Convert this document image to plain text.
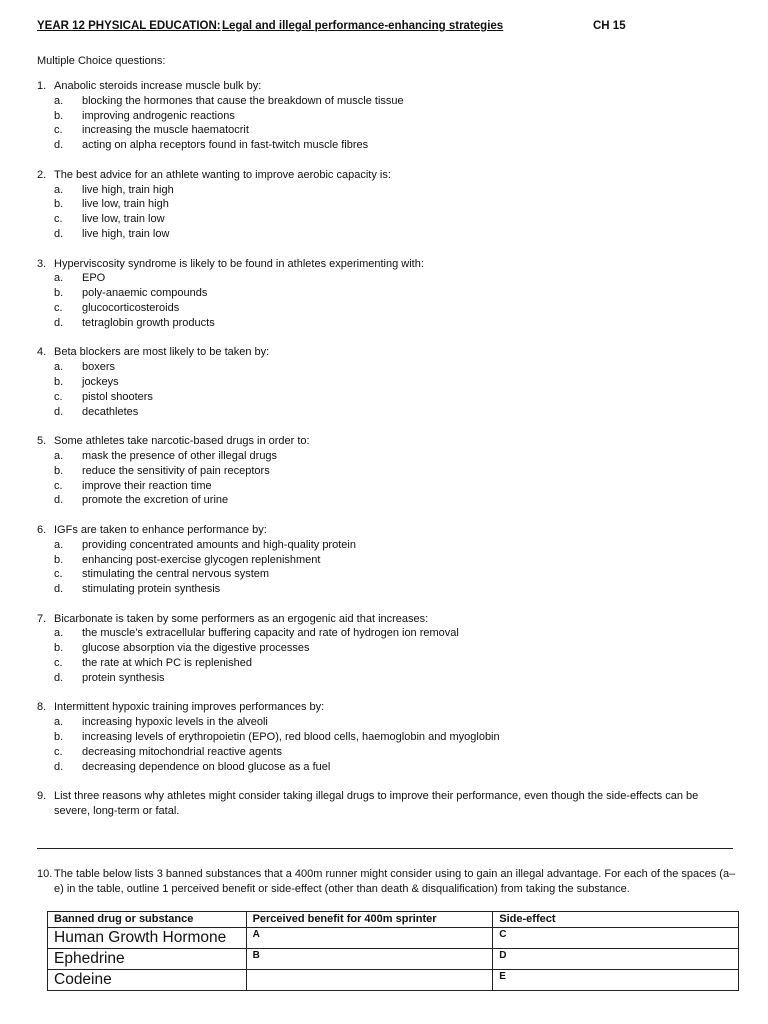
YEAR 12 PHYSICAL EDUCATION: Legal and illegal performance-enhancing strategies	CH 15
Multiple Choice questions:
1. Anabolic steroids increase muscle bulk by:
a.	blocking the hormones that cause the breakdown of muscle tissue
b.	improving androgenic reactions
c.	increasing the muscle haematocrit
d.	acting on alpha receptors found in fast-twitch muscle fibres
2. The best advice for an athlete wanting to improve aerobic capacity is:
a.	live high, train high
b.	live low, train high
c.	live low, train low
d.	live high, train low
3. Hyperviscosity syndrome is likely to be found in athletes experimenting with:
a.	EPO
b.	poly-anaemic compounds
c.	glucocorticosteroids
d.	tetraglobin growth products
4. Beta blockers are most likely to be taken by:
a.	boxers
b.	jockeys
c.	pistol shooters
d.	decathletes
5. Some athletes take narcotic-based drugs in order to:
a.	mask the presence of other illegal drugs
b.	reduce the sensitivity of pain receptors
c.	improve their reaction time
d.	promote the excretion of urine
6. IGFs are taken to enhance performance by:
a.	providing concentrated amounts and high-quality protein
b.	enhancing post-exercise glycogen replenishment
c.	stimulating the central nervous system
d.	stimulating protein synthesis
7. Bicarbonate is taken by some performers as an ergogenic aid that increases:
a.	the muscle’s extracellular buffering capacity and rate of hydrogen ion removal
b.	glucose absorption via the digestive processes
c.	the rate at which PC is replenished
d.	protein synthesis
8. Intermittent hypoxic training improves performances by:
a.	increasing hypoxic levels in the alveoli
b.	increasing levels of erythropoietin (EPO), red blood cells, haemoglobin and myoglobin
c.	decreasing mitochondrial reactive agents
d.	decreasing dependence on blood glucose as a fuel
9. List three reasons why athletes might consider taking illegal drugs to improve their performance, even though the side-effects can be severe, long-term or fatal.
10. The table below lists 3 banned substances that a 400m runner might consider using to gain an illegal advantage. For each of the spaces (a–e) in the table, outline 1 perceived benefit or side-effect (other than death & disqualification) from taking the substance.
Banned drug or substance	Perceived benefit for 400m sprinter	Side-effect
Human Growth Hormone	A	C
Ephedrine	B	D
Codeine		E
